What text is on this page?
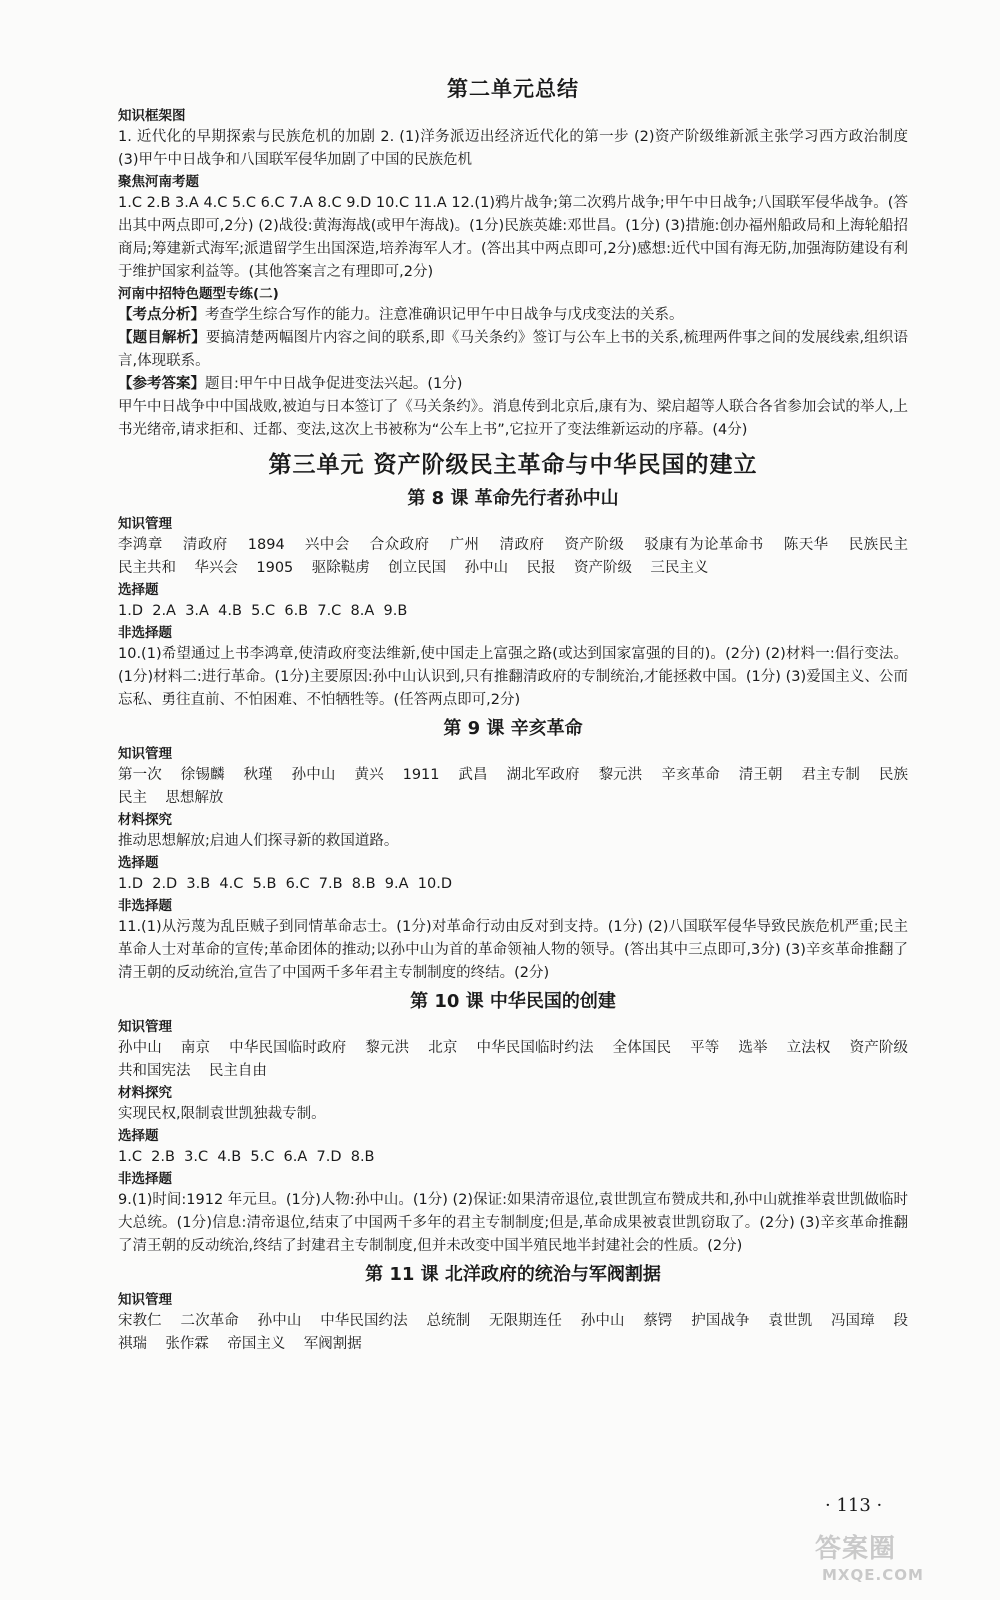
第二单元总结
知识框架图
1. 近代化的早期探索与民族危机的加剧 2. (1)洋务派迈出经济近代化的第一步 (2)资产阶级维新派主张学习西方政治制度 (3)甲午中日战争和八国联军侵华加剧了中国的民族危机
聚焦河南考题
1.C 2.B 3.A 4.C 5.C 6.C 7.A 8.C 9.D 10.C 11.A 12.(1)鸦片战争;第二次鸦片战争;甲午中日战争;八国联军侵华战争。(答出其中两点即可,2分) (2)战役:黄海海战(或甲午海战)。(1分)民族英雄:邓世昌。(1分) (3)措施:创办福州船政局和上海轮船招商局;筹建新式海军;派遣留学生出国深造,培养海军人才。(答出其中两点即可,2分)感想:近代中国有海无防,加强海防建设有利于维护国家利益等。(其他答案言之有理即可,2分)
河南中招特色题型专练(二)
【考点分析】考查学生综合写作的能力。注意准确识记甲午中日战争与戊戌变法的关系。
【题目解析】要搞清楚两幅图片内容之间的联系,即《马关条约》签订与公车上书的关系,梳理两件事之间的发展线索,组织语言,体现联系。
【参考答案】题目:甲午中日战争促进变法兴起。(1分)
甲午中日战争中中国战败,被迫与日本签订了《马关条约》。消息传到北京后,康有为、梁启超等人联合各省参加会试的举人,上书光绪帝,请求拒和、迁都、变法,这次上书被称为“公车上书”,它拉开了变法维新运动的序幕。(4分)
第三单元 资产阶级民主革命与中华民国的建立
第 8 课 革命先行者孙中山
知识管理
李鸿章    清政府    1894    兴中会    合众政府    广州    清政府    资产阶级    驳康有为论革命书    陈天华    民族民主    民主共和    华兴会    1905    驱除鞑虏    创立民国    孙中山    民报    资产阶级    三民主义
选择题
1.D  2.A  3.A  4.B  5.C  6.B  7.C  8.A  9.B
非选择题
10.(1)希望通过上书李鸿章,使清政府变法维新,使中国走上富强之路(或达到国家富强的目的)。(2分) (2)材料一:倡行变法。(1分)材料二:进行革命。(1分)主要原因:孙中山认识到,只有推翻清政府的专制统治,才能拯救中国。(1分) (3)爱国主义、公而忘私、勇往直前、不怕困难、不怕牺牲等。(任答两点即可,2分)
第 9 课 辛亥革命
知识管理
第一次    徐锡麟    秋瑾    孙中山    黄兴    1911    武昌    湖北军政府    黎元洪    辛亥革命    清王朝    君主专制    民族民主    思想解放
材料探究
推动思想解放;启迪人们探寻新的救国道路。
选择题
1.D  2.D  3.B  4.C  5.B  6.C  7.B  8.B  9.A  10.D
非选择题
11.(1)从污蔑为乱臣贼子到同情革命志士。(1分)对革命行动由反对到支持。(1分) (2)八国联军侵华导致民族危机严重;民主革命人士对革命的宣传;革命团体的推动;以孙中山为首的革命领袖人物的领导。(答出其中三点即可,3分) (3)辛亥革命推翻了清王朝的反动统治,宣告了中国两千多年君主专制制度的终结。(2分)
第 10 课 中华民国的创建
知识管理
孙中山    南京    中华民国临时政府    黎元洪    北京    中华民国临时约法    全体国民    平等    选举    立法权    资产阶级共和国宪法    民主自由
材料探究
实现民权,限制袁世凯独裁专制。
选择题
1.C  2.B  3.C  4.B  5.C  6.A  7.D  8.B
非选择题
9.(1)时间:1912 年元旦。(1分)人物:孙中山。(1分) (2)保证:如果清帝退位,袁世凯宣布赞成共和,孙中山就推举袁世凯做临时大总统。(1分)信息:清帝退位,结束了中国两千多年的君主专制制度;但是,革命成果被袁世凯窃取了。(2分) (3)辛亥革命推翻了清王朝的反动统治,终结了封建君主专制制度,但并未改变中国半殖民地半封建社会的性质。(2分)
第 11 课 北洋政府的统治与军阀割据
知识管理
宋教仁    二次革命    孙中山    中华民国约法    总统制    无限期连任    孙中山    蔡锷    护国战争    袁世凯    冯国璋    段祺瑞    张作霖    帝国主义    军阀割据
· 113 ·
答案圈
MXQE.COM
